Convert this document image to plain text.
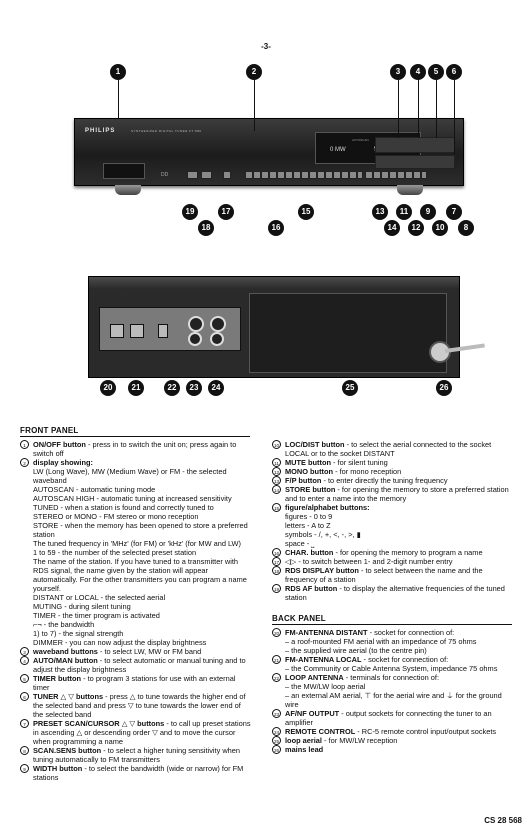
-3-
PHILIPS	SYNTHESIZED DIGITAL TUNER FT 880
DD
AUTOSCAN
0 MW
1	2	3	4	5	6
19	17	15	13	11	9	7
18	16	14	12	10	8
20	21	22	23	24	25	26
FRONT PANEL

1 ON/OFF button - press in to switch the unit on; press again to switch off

2 display showing:

LW (Long Wave), MW (Medium Wave) or FM - the selected waveband

AUTOSCAN - automatic tuning mode

AUTOSCAN HIGH - automatic tuning at increased sensitivity

TUNED - when a station is found and correctly tuned to

STEREO or MONO - FM stereo or mono reception

STORE - when the memory has been opened to store a preferred station

The tuned frequency in 'MHz' (for FM) or 'kHz' (for MW and LW)

1 to 59 - the number of the selected preset station

The name of the station. If you have tuned to a transmitter with RDS signal, the name given by the station will appear automatically. For the other transmitters you can program a name yourself.

DISTANT or LOCAL - the selected aerial

MUTING - during silent tuning

TIMER - the timer program is activated

⌐¬ - the bandwidth

1) to 7) - the signal strength

DIMMER - you can now adjust the display brightness

3 waveband buttons - to select LW, MW or FM band

4 AUTO/MAN button - to select automatic or manual tuning and to adjust the display brightness

5 TIMER button - to program 3 stations for use with an external timer

6 TUNER △ ▽ buttons - press △ to tune towards the higher end of the selected band and press ▽ to tune towards the lower end of the selected band

7 PRESET SCAN/CURSOR △ ▽ buttons - to call up preset stations in ascending △ or descending order ▽ and to move the cursor when programming a name

8 SCAN.SENS button - to select a higher tuning sensitivity when tuning automatically to FM transmitters

9 WIDTH button - to select the bandwidth (wide or narrow) for FM stations

10 LOC/DIST button - to select the aerial connected to the socket LOCAL or to the socket DISTANT

11 MUTE button - for silent tuning

12 MONO button - for mono reception

13 F/P button - to enter directly the tuning frequency

14 STORE button - for opening the memory to store a preferred station and to enter a name into the memory

15 figure/alphabet buttons:

figures - 0 to 9

letters - A to Z

symbols - /, +, <, -, >, ▮

space - ⎵

16 CHAR. button - for opening the memory to program a name

17 ◁▷ - to switch between 1- and 2-digit number entry

18 RDS DISPLAY button - to select between the name and the frequency of a station

19 RDS AF button - to display the alternative frequencies of the tuned station

BACK PANEL

20 FM-ANTENNA DISTANT - socket for connection of:

– a roof-mounted FM aerial with an impedance of 75 ohms

– the supplied wire aerial (to the centre pin)

21 FM-ANTENNA LOCAL - socket for connection of:

– the Community or Cable Antenna System, impedance 75 ohms

22 LOOP ANTENNA - terminals for connection of:

– the MW/LW loop aerial

– an external AM aerial, ⊤ for the aerial wire and ⏚ for the ground wire

23 AF/NF OUTPUT - output sockets for connecting the tuner to an amplifier

24 REMOTE CONTROL - RC-5 remote control input/output sockets

25 loop aerial - for MW/LW reception

26 mains lead

CS 28 568
